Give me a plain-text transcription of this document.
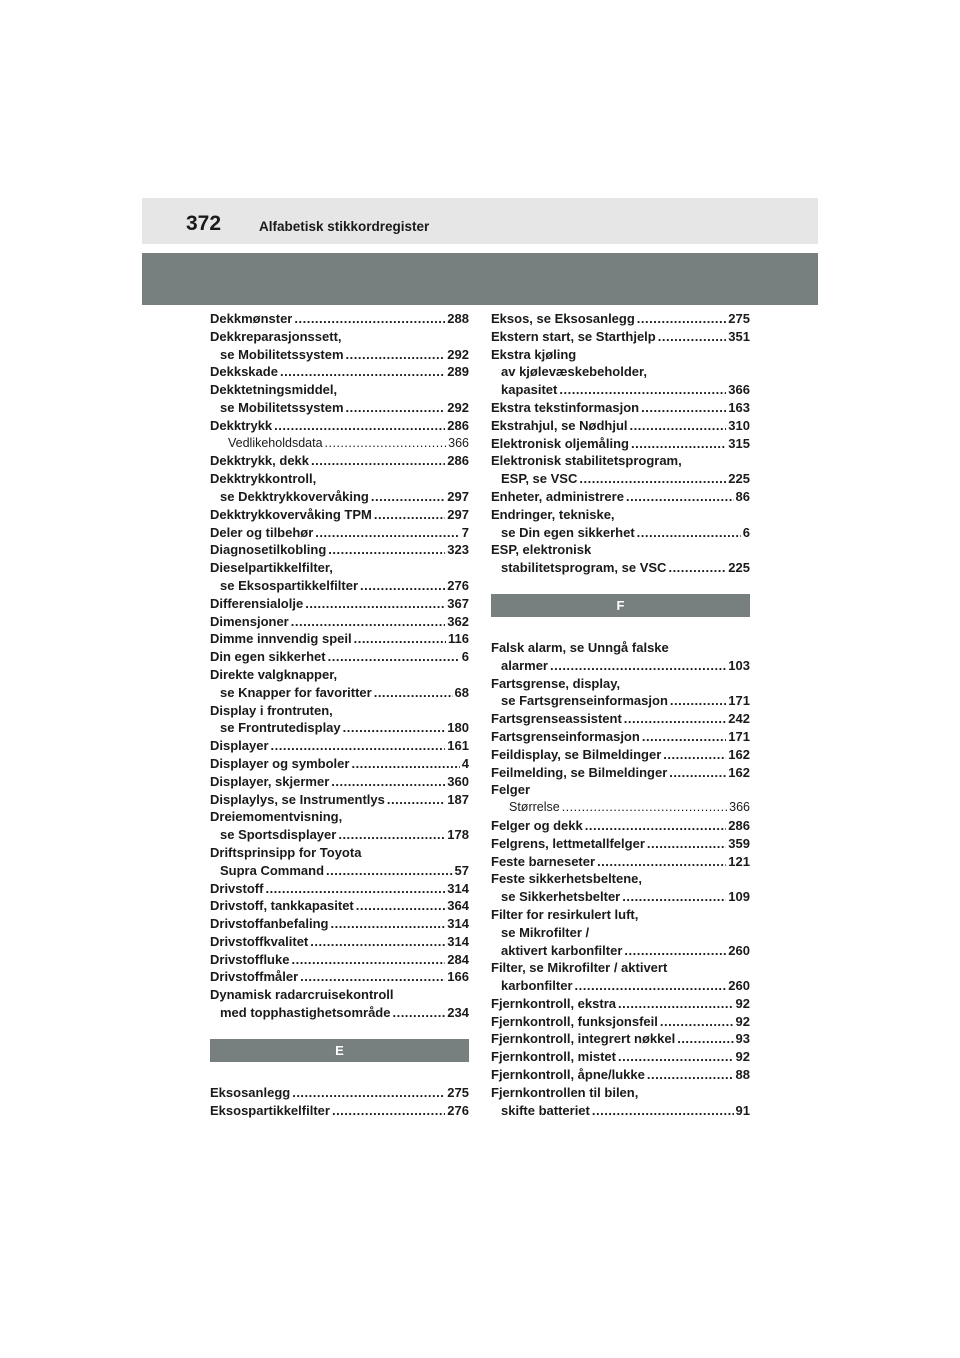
372	Alfabetisk stikkordregister
Dekkmønster .....	288
Dekkreparasjonssett,
se Mobilitetssystem .....	292
Dekkskade .....	289
Dekktetningsmiddel,
se Mobilitetssystem .....	292
Dekktrykk .....	286
Vedlikeholdsdata .....	366
Dekktrykk, dekk .....	286
Dekktrykkontroll,
se Dekktrykkovervåking .....	297
Dekktrykkovervåking TPM .....	297
Deler og tilbehør .....	7
Diagnosetilkobling .....	323
Dieselpartikkelfilter,
se Eksospartikkelfilter .....	276
Differensialolje .....	367
Dimensjoner .....	362
Dimme innvendig speil .....	116
Din egen sikkerhet .....	6
Direkte valgknapper,
se Knapper for favoritter .....	68
Display i frontruten,
se Frontrutedisplay .....	180
Displayer .....	161
Displayer og symboler .....	4
Displayer, skjermer .....	360
Displaylys, se Instrumentlys .....	187
Dreiemomentvisning,
se Sportsdisplayer .....	178
Driftsprinsipp for Toyota
Supra Command .....	57
Drivstoff .....	314
Drivstoff, tankkapasitet .....	364
Drivstoffanbefaling .....	314
Drivstoffkvalitet .....	314
Drivstoffluke .....	284
Drivstoffmåler .....	166
Dynamisk radarcruisekontroll
med topphastighetsområde .....	234
E
Eksosanlegg .....	275
Eksospartikkelfilter .....	276
Eksos, se Eksosanlegg .....	275
Ekstern start, se Starthjelp .....	351
Ekstra kjøling
av kjølevæskebeholder,
kapasitet .....	366
Ekstra tekstinformasjon .....	163
Ekstrahjul, se Nødhjul .....	310
Elektronisk oljemåling .....	315
Elektronisk stabilitetsprogram,
ESP, se VSC .....	225
Enheter, administrere .....	86
Endringer, tekniske,
se Din egen sikkerhet .....	6
ESP, elektronisk
stabilitetsprogram, se VSC .....	225
F
Falsk alarm, se Unngå falske
alarmer .....	103
Fartsgrense, display,
se Fartsgrenseinformasjon .....	171
Fartsgrenseassistent .....	242
Fartsgrenseinformasjon .....	171
Feildisplay, se Bilmeldinger .....	162
Feilmelding, se Bilmeldinger .....	162
Felger
Størrelse .....	366
Felger og dekk .....	286
Felgrens, lettmetallfelger .....	359
Feste barneseter .....	121
Feste sikkerhetsbeltene,
se Sikkerhetsbelter .....	109
Filter for resirkulert luft,
se Mikrofilter /
aktivert karbonfilter .....	260
Filter, se Mikrofilter / aktivert
karbonfilter .....	260
Fjernkontroll, ekstra .....	92
Fjernkontroll, funksjonsfeil .....	92
Fjernkontroll, integrert nøkkel .....	93
Fjernkontroll, mistet .....	92
Fjernkontroll, åpne/lukke .....	88
Fjernkontrollen til bilen,
skifte batteriet .....	91
